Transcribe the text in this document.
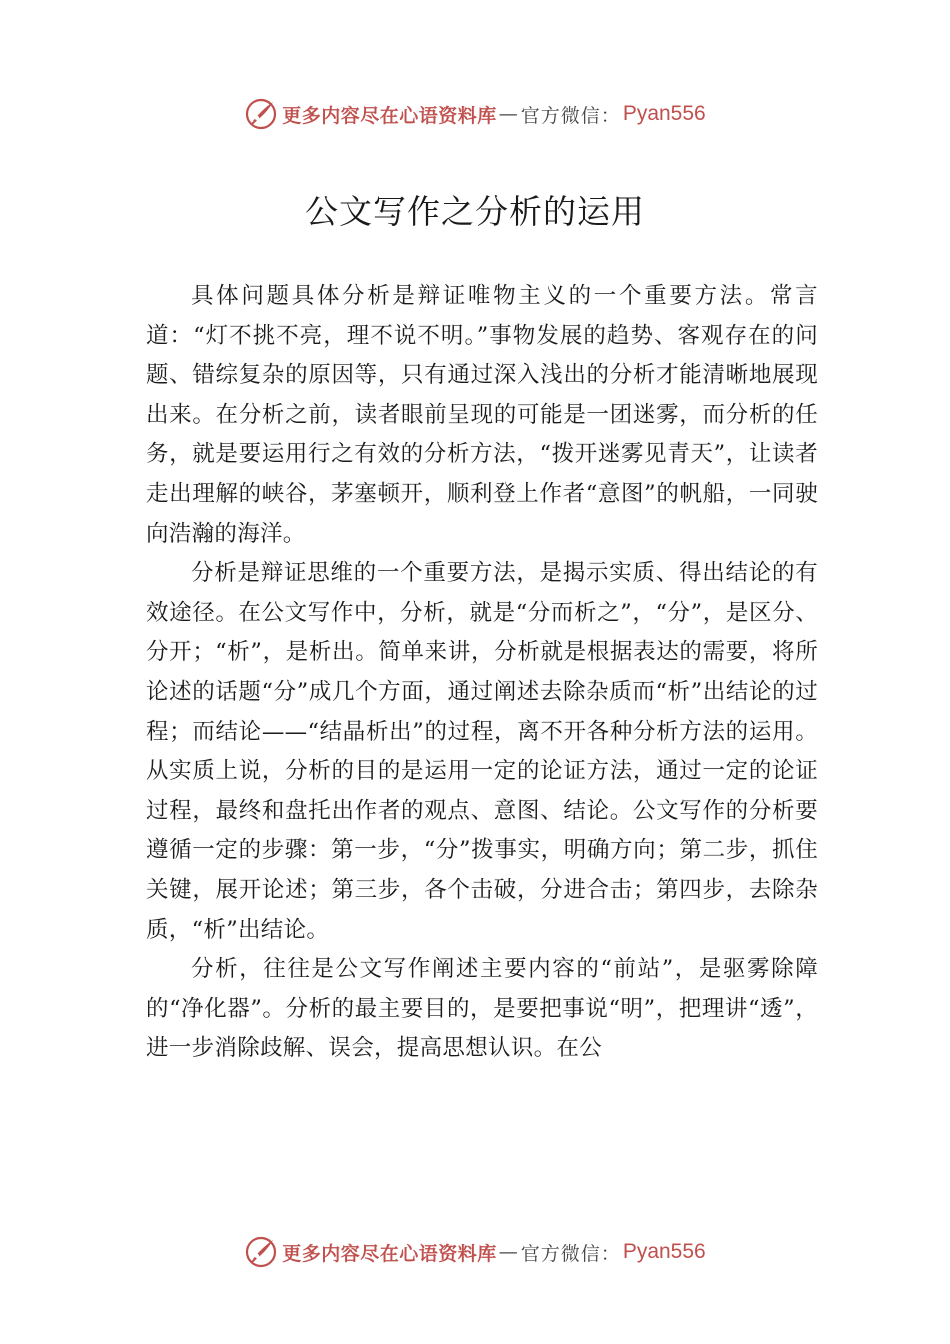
更多内容尽在心语资料库 — 官方微信： Pyan556
公文写作之分析的运用

具体问题具体分析是辩证唯物主义的一个重要方法。常言道：“灯不挑不亮，理不说不明。”事物发展的趋势、客观存在的问题、错综复杂的原因等，只有通过深入浅出的分析才能清晰地展现出来。在分析之前，读者眼前呈现的可能是一团迷雾，而分析的任务，就是要运用行之有效的分析方法，“拨开迷雾见青天”，让读者走出理解的峡谷，茅塞顿开，顺利登上作者“意图”的帆船，一同驶向浩瀚的海洋。

分析是辩证思维的一个重要方法，是揭示实质、得出结论的有效途径。在公文写作中，分析，就是“分而析之”，“分”，是区分、分开；“析”，是析出。简单来讲，分析就是根据表达的需要，将所论述的话题“分”成几个方面，通过阐述去除杂质而“析”出结论的过程；而结论——“结晶析出”的过程，离不开各种分析方法的运用。从实质上说，分析的目的是运用一定的论证方法，通过一定的论证过程，最终和盘托出作者的观点、意图、结论。公文写作的分析要遵循一定的步骤：第一步，“分”拨事实，明确方向；第二步，抓住关键，展开论述；第三步，各个击破，分进合击；第四步，去除杂质，“析”出结论。

分析，往往是公文写作阐述主要内容的“前站”，是驱雾除障的“净化器”。分析的最主要目的，是要把事说“明”，把理讲“透”，进一步消除歧解、误会，提高思想认识。在公

更多内容尽在心语资料库 — 官方微信： Pyan556
